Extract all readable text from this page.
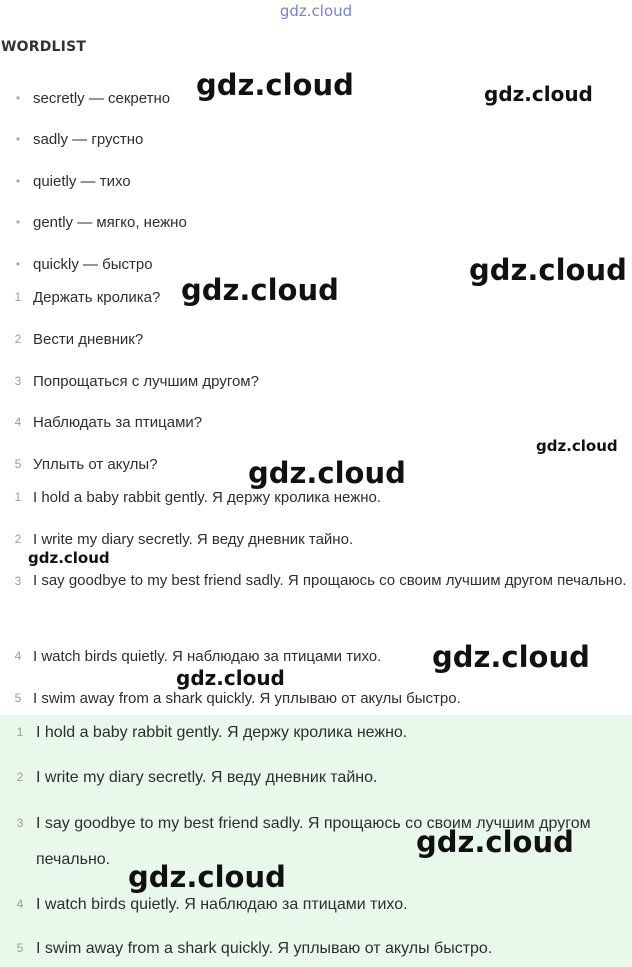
gdz.cloud
WORDLIST
• secretly — секретно
• sadly — грустно
• quietly — тихо
• gently — мягко, нежно
• quickly — быстро
1 Держать кролика?
2 Вести дневник?
3 Попрощаться с лучшим другом?
4 Наблюдать за птицами?
5 Уплыть от акулы?
1 I hold a baby rabbit gently. Я держу кролика нежно.
2 I write my diary secretly. Я веду дневник тайно.
3 I say goodbye to my best friend sadly. Я прощаюсь со своим лучшим другом печально.
4 I watch birds quietly. Я наблюдаю за птицами тихо.
5 I swim away from a shark quickly. Я уплываю от акулы быстро.
1 I hold a baby rabbit gently. Я держу кролика нежно.
2 I write my diary secretly. Я веду дневник тайно.
3 I say goodbye to my best friend sadly. Я прощаюсь со своим лучшим другом печально.
4 I watch birds quietly. Я наблюдаю за птицами тихо.
5 I swim away from a shark quickly. Я уплываю от акулы быстро.
gdz.cloud	gdz.cloud
gdz.cloud
gdz.cloud
gdz.cloud
gdz.cloud
gdz.cloud
gdz.cloud
gdz.cloud
gdz.cloud
gdz.cloud
